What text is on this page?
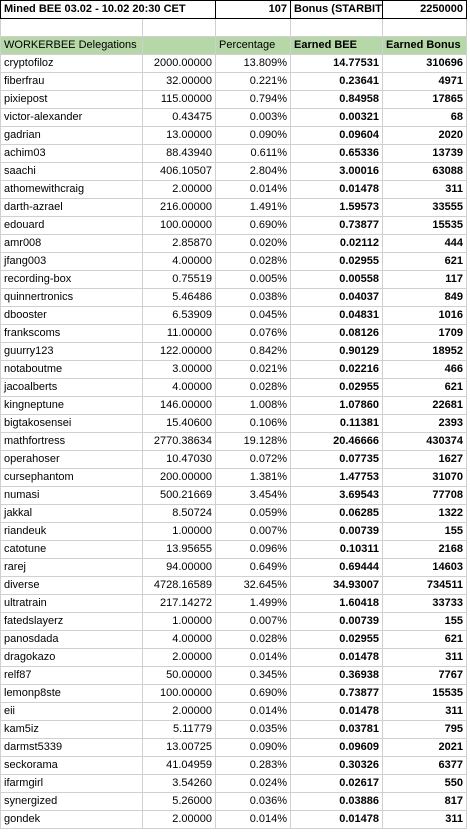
Mined BEE 03.02 - 10.02 20:30 CET		107	Bonus (STARBIT	2250000

WORKERBEE Delegations		Percentage	Earned BEE	Earned Bonus
cryptofiloz	2000.00000	13.809%	14.77531	310696
fiberfrau	32.00000	0.221%	0.23641	4971
pixiepost	115.00000	0.794%	0.84958	17865
victor-alexander	0.43475	0.003%	0.00321	68
gadrian	13.00000	0.090%	0.09604	2020
achim03	88.43940	0.611%	0.65336	13739
saachi	406.10507	2.804%	3.00016	63088
athomewithcraig	2.00000	0.014%	0.01478	311
darth-azrael	216.00000	1.491%	1.59573	33555
edouard	100.00000	0.690%	0.73877	15535
amr008	2.85870	0.020%	0.02112	444
jfang003	4.00000	0.028%	0.02955	621
recording-box	0.75519	0.005%	0.00558	117
quinnertronics	5.46486	0.038%	0.04037	849
dbooster	6.53909	0.045%	0.04831	1016
frankscoms	11.00000	0.076%	0.08126	1709
guurry123	122.00000	0.842%	0.90129	18952
notaboutme	3.00000	0.021%	0.02216	466
jacoalberts	4.00000	0.028%	0.02955	621
kingneptune	146.00000	1.008%	1.07860	22681
bigtakosensei	15.40600	0.106%	0.11381	2393
mathfortress	2770.38634	19.128%	20.46666	430374
operahoser	10.47030	0.072%	0.07735	1627
cursephantom	200.00000	1.381%	1.47753	31070
numasi	500.21669	3.454%	3.69543	77708
jakkal	8.50724	0.059%	0.06285	1322
riandeuk	1.00000	0.007%	0.00739	155
catotune	13.95655	0.096%	0.10311	2168
rarej	94.00000	0.649%	0.69444	14603
diverse	4728.16589	32.645%	34.93007	734511
ultratrain	217.14272	1.499%	1.60418	33733
fatedslayerz	1.00000	0.007%	0.00739	155
panosdada	4.00000	0.028%	0.02955	621
dragokazo	2.00000	0.014%	0.01478	311
relf87	50.00000	0.345%	0.36938	7767
lemonp8ste	100.00000	0.690%	0.73877	15535
eii	2.00000	0.014%	0.01478	311
kam5iz	5.11779	0.035%	0.03781	795
darmst5339	13.00725	0.090%	0.09609	2021
seckorama	41.04959	0.283%	0.30326	6377
ifarmgirl	3.54260	0.024%	0.02617	550
synergized	5.26000	0.036%	0.03886	817
gondek	2.00000	0.014%	0.01478	311
